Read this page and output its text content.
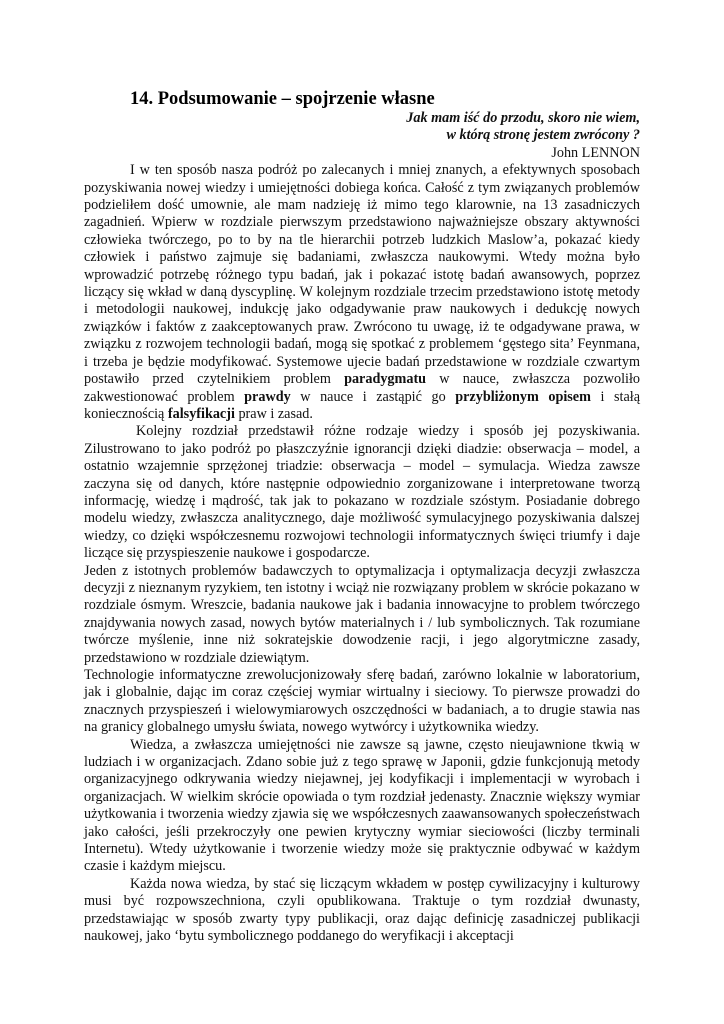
14. Podsumowanie – spojrzenie własne
Jak mam iść do przodu, skoro nie wiem,
w którą stronę jestem zwrócony ?
John LENNON

I w ten sposób nasza podróż po zalecanych i mniej znanych, a efektywnych sposobach pozyskiwania nowej wiedzy i umiejętności dobiega końca. Całość z tym związanych problemów podzieliłem dość umownie, ale mam nadzieję iż mimo tego klarownie, na 13 zasadniczych zagadnień. Wpierw w rozdziale pierwszym przedstawiono najważniejsze obszary aktywności człowieka twórczego, po to by na tle hierarchii potrzeb ludzkich Maslow’a, pokazać kiedy człowiek i państwo zajmuje się badaniami, zwłaszcza naukowymi. Wtedy można było wprowadzić potrzebę różnego typu badań, jak i pokazać istotę badań awansowych, poprzez liczący się wkład w daną dyscyplinę. W kolejnym rozdziale trzecim przedstawiono istotę metody i metodologii naukowej, indukcję jako odgadywanie praw naukowych i dedukcję nowych związków i faktów z zaakceptowanych praw. Zwrócono tu uwagę, iż te odgadywane prawa, w związku z rozwojem technologii badań, mogą się spotkać z problemem ‘gęstego sita’ Feynmana, i trzeba je będzie modyfikować. Systemowe ujecie badań przedstawione w rozdziale czwartym postawiło przed czytelnikiem problem paradygmatu w nauce, zwłaszcza pozwoliło zakwestionować problem prawdy w nauce i zastąpić go przybliżonym opisem i stałą koniecznością falsyfikacji praw i zasad.

Kolejny rozdział przedstawił różne rodzaje wiedzy i sposób jej pozyskiwania. Zilustrowano to jako podróż po płaszczyźnie ignorancji dzięki diadzie: obserwacja – model, a ostatnio wzajemnie sprzężonej triadzie: obserwacja – model – symulacja. Wiedza zawsze zaczyna się od danych, które następnie odpowiednio zorganizowane i interpretowane tworzą informację, wiedzę i mądrość, tak jak to pokazano w rozdziale szóstym. Posiadanie dobrego modelu wiedzy, zwłaszcza analitycznego, daje możliwość symulacyjnego pozyskiwania dalszej wiedzy, co dzięki współczesnemu rozwojowi technologii informatycznych święci triumfy i daje liczące się przyspieszenie naukowe i gospodarcze.

Jeden z istotnych problemów badawczych to optymalizacja i optymalizacja decyzji zwłaszcza decyzji z nieznanym ryzykiem, ten istotny i wciąż nie rozwiązany problem w skrócie pokazano w rozdziale ósmym. Wreszcie, badania naukowe jak i badania innowacyjne to problem twórczego znajdywania nowych zasad, nowych bytów materialnych i / lub symbolicznych. Tak rozumiane twórcze myślenie, inne niż sokratejskie dowodzenie racji, i jego algorytmiczne zasady, przedstawiono w rozdziale dziewiątym.

Technologie informatyczne zrewolucjonizowały sferę badań, zarówno lokalnie w laboratorium, jak i globalnie, dając im coraz częściej wymiar wirtualny i sieciowy. To pierwsze prowadzi do znacznych przyspieszeń i wielowymiarowych oszczędności w badaniach, a to drugie stawia nas na granicy globalnego umysłu świata, nowego wytwórcy i użytkownika wiedzy.

Wiedza, a zwłaszcza umiejętności nie zawsze są jawne, często nieujawnione tkwią w ludziach i w organizacjach. Zdano sobie już z tego sprawę w Japonii, gdzie funkcjonują metody organizacyjnego odkrywania wiedzy niejawnej, jej kodyfikacji i implementacji w wyrobach i organizacjach. W wielkim skrócie opowiada o tym rozdział jedenasty. Znacznie większy wymiar użytkowania i tworzenia wiedzy zjawia się we współczesnych zaawansowanych społeczeństwach jako całości, jeśli przekroczyły one pewien krytyczny wymiar sieciowości (liczby terminali Internetu). Wtedy użytkowanie i tworzenie wiedzy może się praktycznie odbywać w każdym czasie i każdym miejscu.

Każda nowa wiedza, by stać się liczącym wkładem w postęp cywilizacyjny i kulturowy musi być rozpowszechniona, czyli opublikowana. Traktuje o tym rozdział dwunasty, przedstawiając w sposób zwarty typy publikacji, oraz dając definicję zasadniczej publikacji naukowej, jako ‘bytu symbolicznego poddanego do weryfikacji i akceptacji
